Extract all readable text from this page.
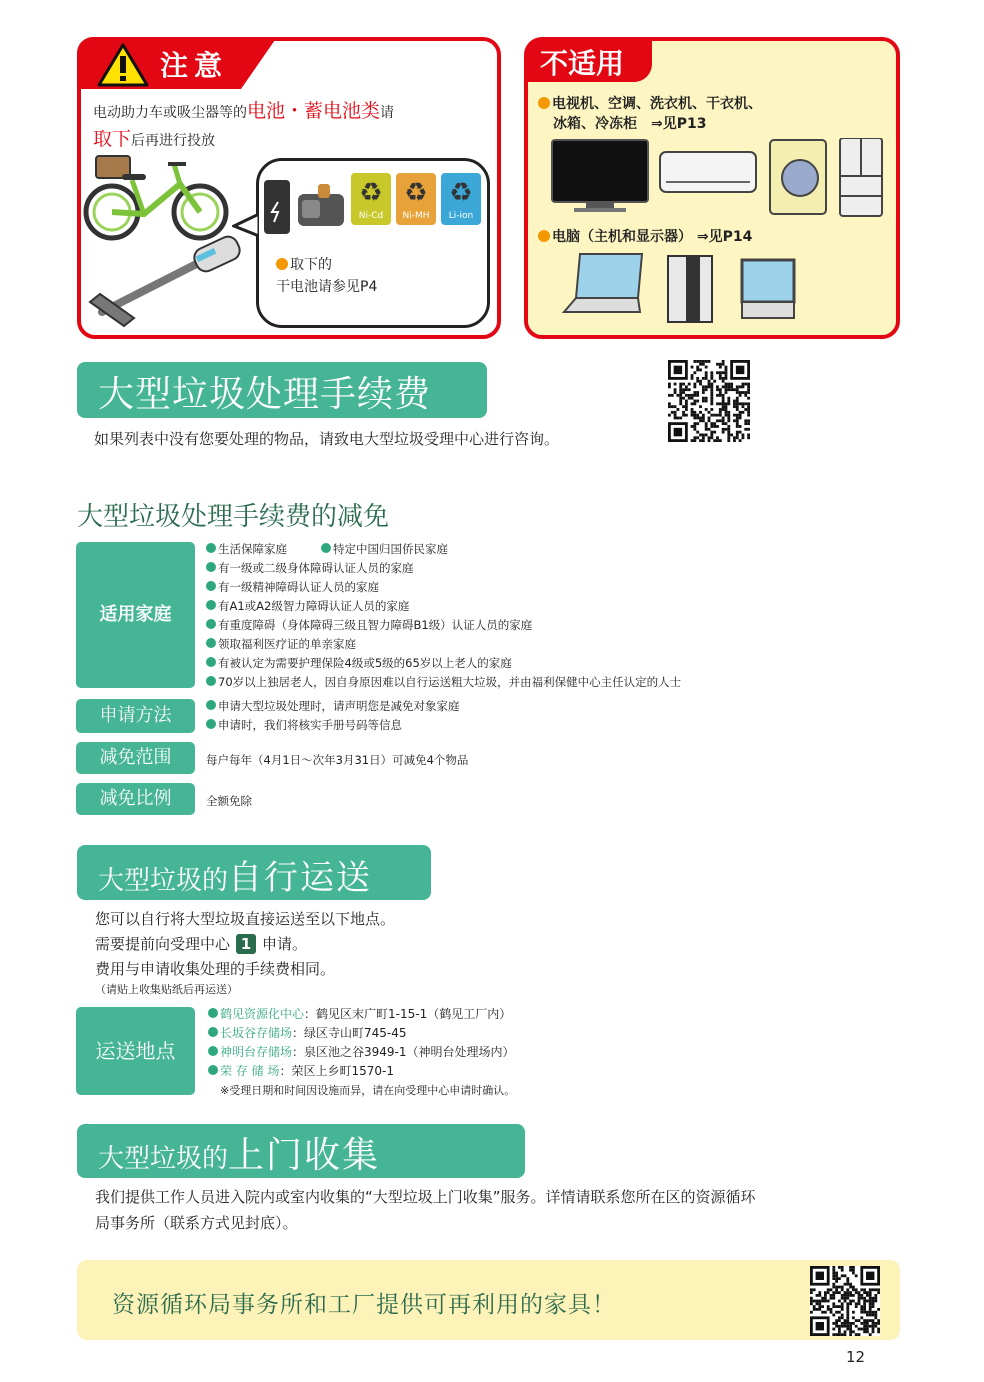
注意
电动助力车或吸尘器等的电池・蓄电池类请
取下后再进行投放
♻
Ni-Cd
♻
Ni-MH
♻
Li-ion
取下的
干电池请参见P4
不适用
电视机、空调、洗衣机、干衣机、
冰箱、冷冻柜　⇒见P13
电脑（主机和显示器） ⇒见P14
大型垃圾处理手续费
如果列表中没有您要处理的物品，请致电大型垃圾受理中心进行咨询。
大型垃圾处理手续费的减免
适用家庭
生活保障家庭	特定中国归国侨民家庭
有一级或二级身体障碍认证人员的家庭
有一级精神障碍认证人员的家庭
有A1或A2级智力障碍认证人员的家庭
有重度障碍（身体障碍三级且智力障碍B1级）认证人员的家庭
领取福利医疗证的单亲家庭
有被认定为需要护理保险4级或5级的65岁以上老人的家庭
70岁以上独居老人，因自身原因难以自行运送粗大垃圾，并由福利保健中心主任认定的人士
申请方法	申请大型垃圾处理时，请声明您是减免对象家庭
申请时，我们将核实手册号码等信息
减免范围	每户每年（4月1日～次年3月31日）可减免4个物品
减免比例	全额免除
大型垃圾的自行运送
您可以自行将大型垃圾直接运送至以下地点。
需要提前向受理中心 1 申请。
费用与申请收集处理的手续费相同。
（请贴上收集贴纸后再运送）
运送地点
鹤见资源化中心：鹤见区末广町1-15-1（鹤见工厂内）
长坂谷存储场：绿区寺山町745-45
神明台存储场：泉区池之谷3949-1（神明台处理场内）
荣 存 储 场：荣区上乡町1570-1
※受理日期和时间因设施而异，请在向受理中心申请时确认。
大型垃圾的上门收集
我们提供工作人员进入院内或室内收集的“大型垃圾上门收集”服务。详情请联系您所在区的资源循环
局事务所（联系方式见封底）。
资源循环局事务所和工厂提供可再利用的家具！
12
